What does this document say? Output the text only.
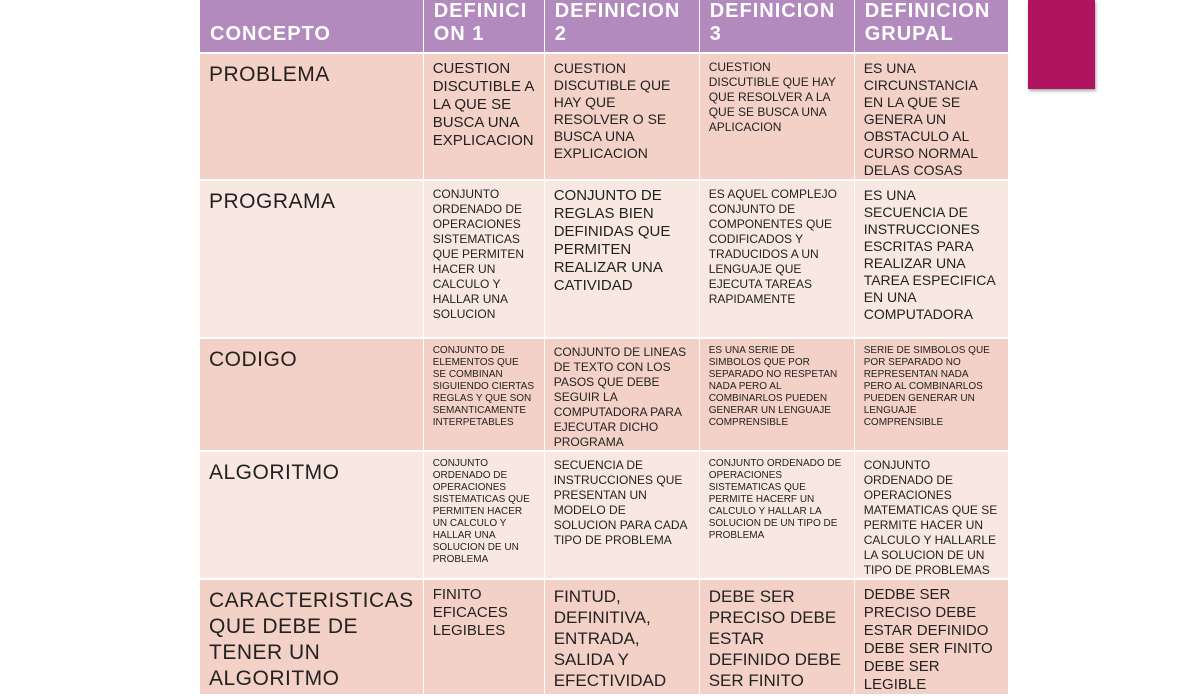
CONCEPTO	DEFINICI ON 1	DEFINICION 2	DEFINICION 3	DEFINICION GRUPAL

PROBLEMA	CUESTION DISCUTIBLE A LA QUE SE BUSCA UNA EXPLICACION	CUESTION DISCUTIBLE QUE HAY QUE RESOLVER O SE BUSCA UNA EXPLICACION	CUESTION DISCUTIBLE QUE HAY QUE RESOLVER A LA QUE SE BUSCA UNA APLICACION	ES UNA CIRCUNSTANCIA EN LA QUE SE GENERA UN OBSTACULO AL CURSO NORMAL DELAS COSAS
PROGRAMA	CONJUNTO ORDENADO DE OPERACIONES SISTEMATICAS QUE PERMITEN HACER UN CALCULO Y HALLAR UNA SOLUCION	CONJUNTO DE REGLAS BIEN DEFINIDAS QUE PERMITEN REALIZAR UNA CATIVIDAD	ES AQUEL COMPLEJO CONJUNTO DE COMPONENTES QUE CODIFICADOS Y TRADUCIDOS A UN LENGUAJE QUE EJECUTA TAREAS RAPIDAMENTE	ES UNA SECUENCIA DE INSTRUCCIONES ESCRITAS PARA REALIZAR UNA TAREA ESPECIFICA EN UNA COMPUTADORA
CODIGO	CONJUNTO DE ELEMENTOS QUE SE COMBINAN SIGUIENDO CIERTAS REGLAS Y QUE SON SEMANTICAMENTE INTERPETABLES	CONJUNTO DE LINEAS DE TEXTO CON LOS PASOS QUE DEBE SEGUIR LA COMPUTADORA PARA EJECUTAR DICHO PROGRAMA	ES UNA SERIE DE SIMBOLOS QUE POR SEPARADO NO RESPETAN NADA PERO AL COMBINARLOS PUEDEN GENERAR UN LENGUAJE COMPRENSIBLE	SERIE DE SIMBOLOS QUE POR SEPARADO NO REPRESENTAN NADA PERO AL COMBINARLOS PUEDEN GENERAR UN LENGUAJE COMPRENSIBLE
ALGORITMO	CONJUNTO ORDENADO DE OPERACIONES SISTEMATICAS QUE PERMITEN HACER UN CALCULO Y HALLAR UNA SOLUCION DE UN PROBLEMA	SECUENCIA DE INSTRUCCIONES QUE PRESENTAN UN MODELO DE SOLUCION PARA CADA TIPO DE PROBLEMA	CONJUNTO ORDENADO DE OPERACIONES SISTEMATICAS QUE PERMITE HACERF UN CALCULO Y HALLAR LA SOLUCION DE UN TIPO DE PROBLEMA	CONJUNTO ORDENADO DE OPERACIONES MATEMATICAS QUE SE PERMITE HACER UN CALCULO Y HALLARLE LA SOLUCION DE UN TIPO DE PROBLEMAS
CARACTERISTICAS QUE DEBE DE TENER UN ALGORITMO	FINITO EFICACES LEGIBLES	FINTUD, DEFINITIVA, ENTRADA, SALIDA Y EFECTIVIDAD	DEBE SER PRECISO DEBE ESTAR DEFINIDO DEBE SER FINITO	DEDBE SER PRECISO DEBE ESTAR DEFINIDO DEBE SER FINITO DEBE SER LEGIBLE
